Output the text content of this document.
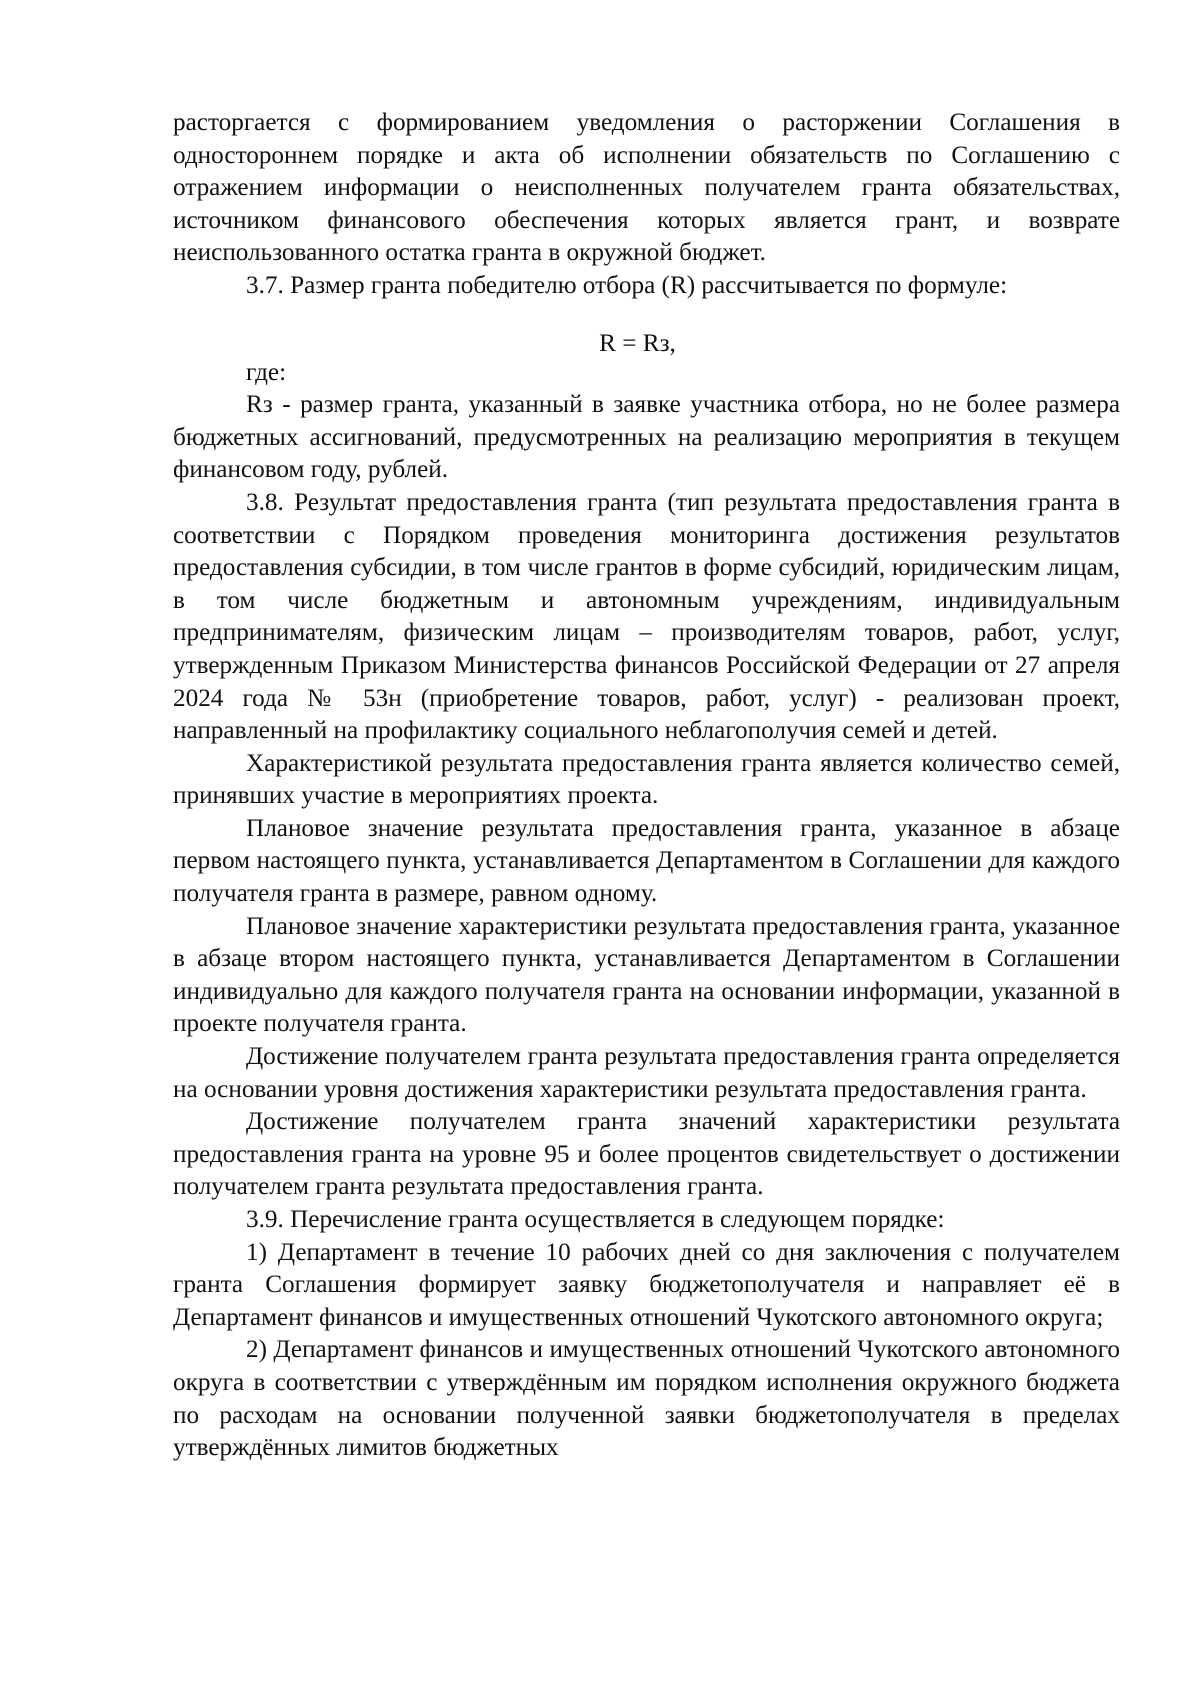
расторгается с формированием уведомления о расторжении Соглашения в одностороннем порядке и акта об исполнении обязательств по Соглашению с отражением информации о неисполненных получателем гранта обязательствах, источником финансового обеспечения которых является грант, и возврате неиспользованного остатка гранта в окружной бюджет.

3.7. Размер гранта победителю отбора (R) рассчитывается по формуле:

R = Rз,

где:

Rз - размер гранта, указанный в заявке участника отбора, но не более размера бюджетных ассигнований, предусмотренных на реализацию мероприятия в текущем финансовом году, рублей.

3.8. Результат предоставления гранта (тип результата предоставления гранта в соответствии с Порядком проведения мониторинга достижения результатов предоставления субсидии, в том числе грантов в форме субсидий, юридическим лицам, в том числе бюджетным и автономным учреждениям, индивидуальным предпринимателям, физическим лицам – производителям товаров, работ, услуг, утвержденным Приказом Министерства финансов Российской Федерации от 27 апреля 2024 года № 53н (приобретение товаров, работ, услуг) - реализован проект, направленный на профилактику социального неблагополучия семей и детей.

Характеристикой результата предоставления гранта является количество семей, принявших участие в мероприятиях проекта.

Плановое значение результата предоставления гранта, указанное в абзаце первом настоящего пункта, устанавливается Департаментом в Соглашении для каждого получателя гранта в размере, равном одному.

Плановое значение характеристики результата предоставления гранта, указанное в абзаце втором настоящего пункта, устанавливается Департаментом в Соглашении индивидуально для каждого получателя гранта на основании информации, указанной в проекте получателя гранта.

Достижение получателем гранта результата предоставления гранта определяется на основании уровня достижения характеристики результата предоставления гранта.

Достижение получателем гранта значений характеристики результата предоставления гранта на уровне 95 и более процентов свидетельствует о достижении получателем гранта результата предоставления гранта.

3.9. Перечисление гранта осуществляется в следующем порядке:

1) Департамент в течение 10 рабочих дней со дня заключения с получателем гранта Соглашения формирует заявку бюджетополучателя и направляет её в Департамент финансов и имущественных отношений Чукотского автономного округа;

2) Департамент финансов и имущественных отношений Чукотского автономного округа в соответствии с утверждённым им порядком исполнения окружного бюджета по расходам на основании полученной заявки бюджетополучателя в пределах утверждённых лимитов бюджетных
